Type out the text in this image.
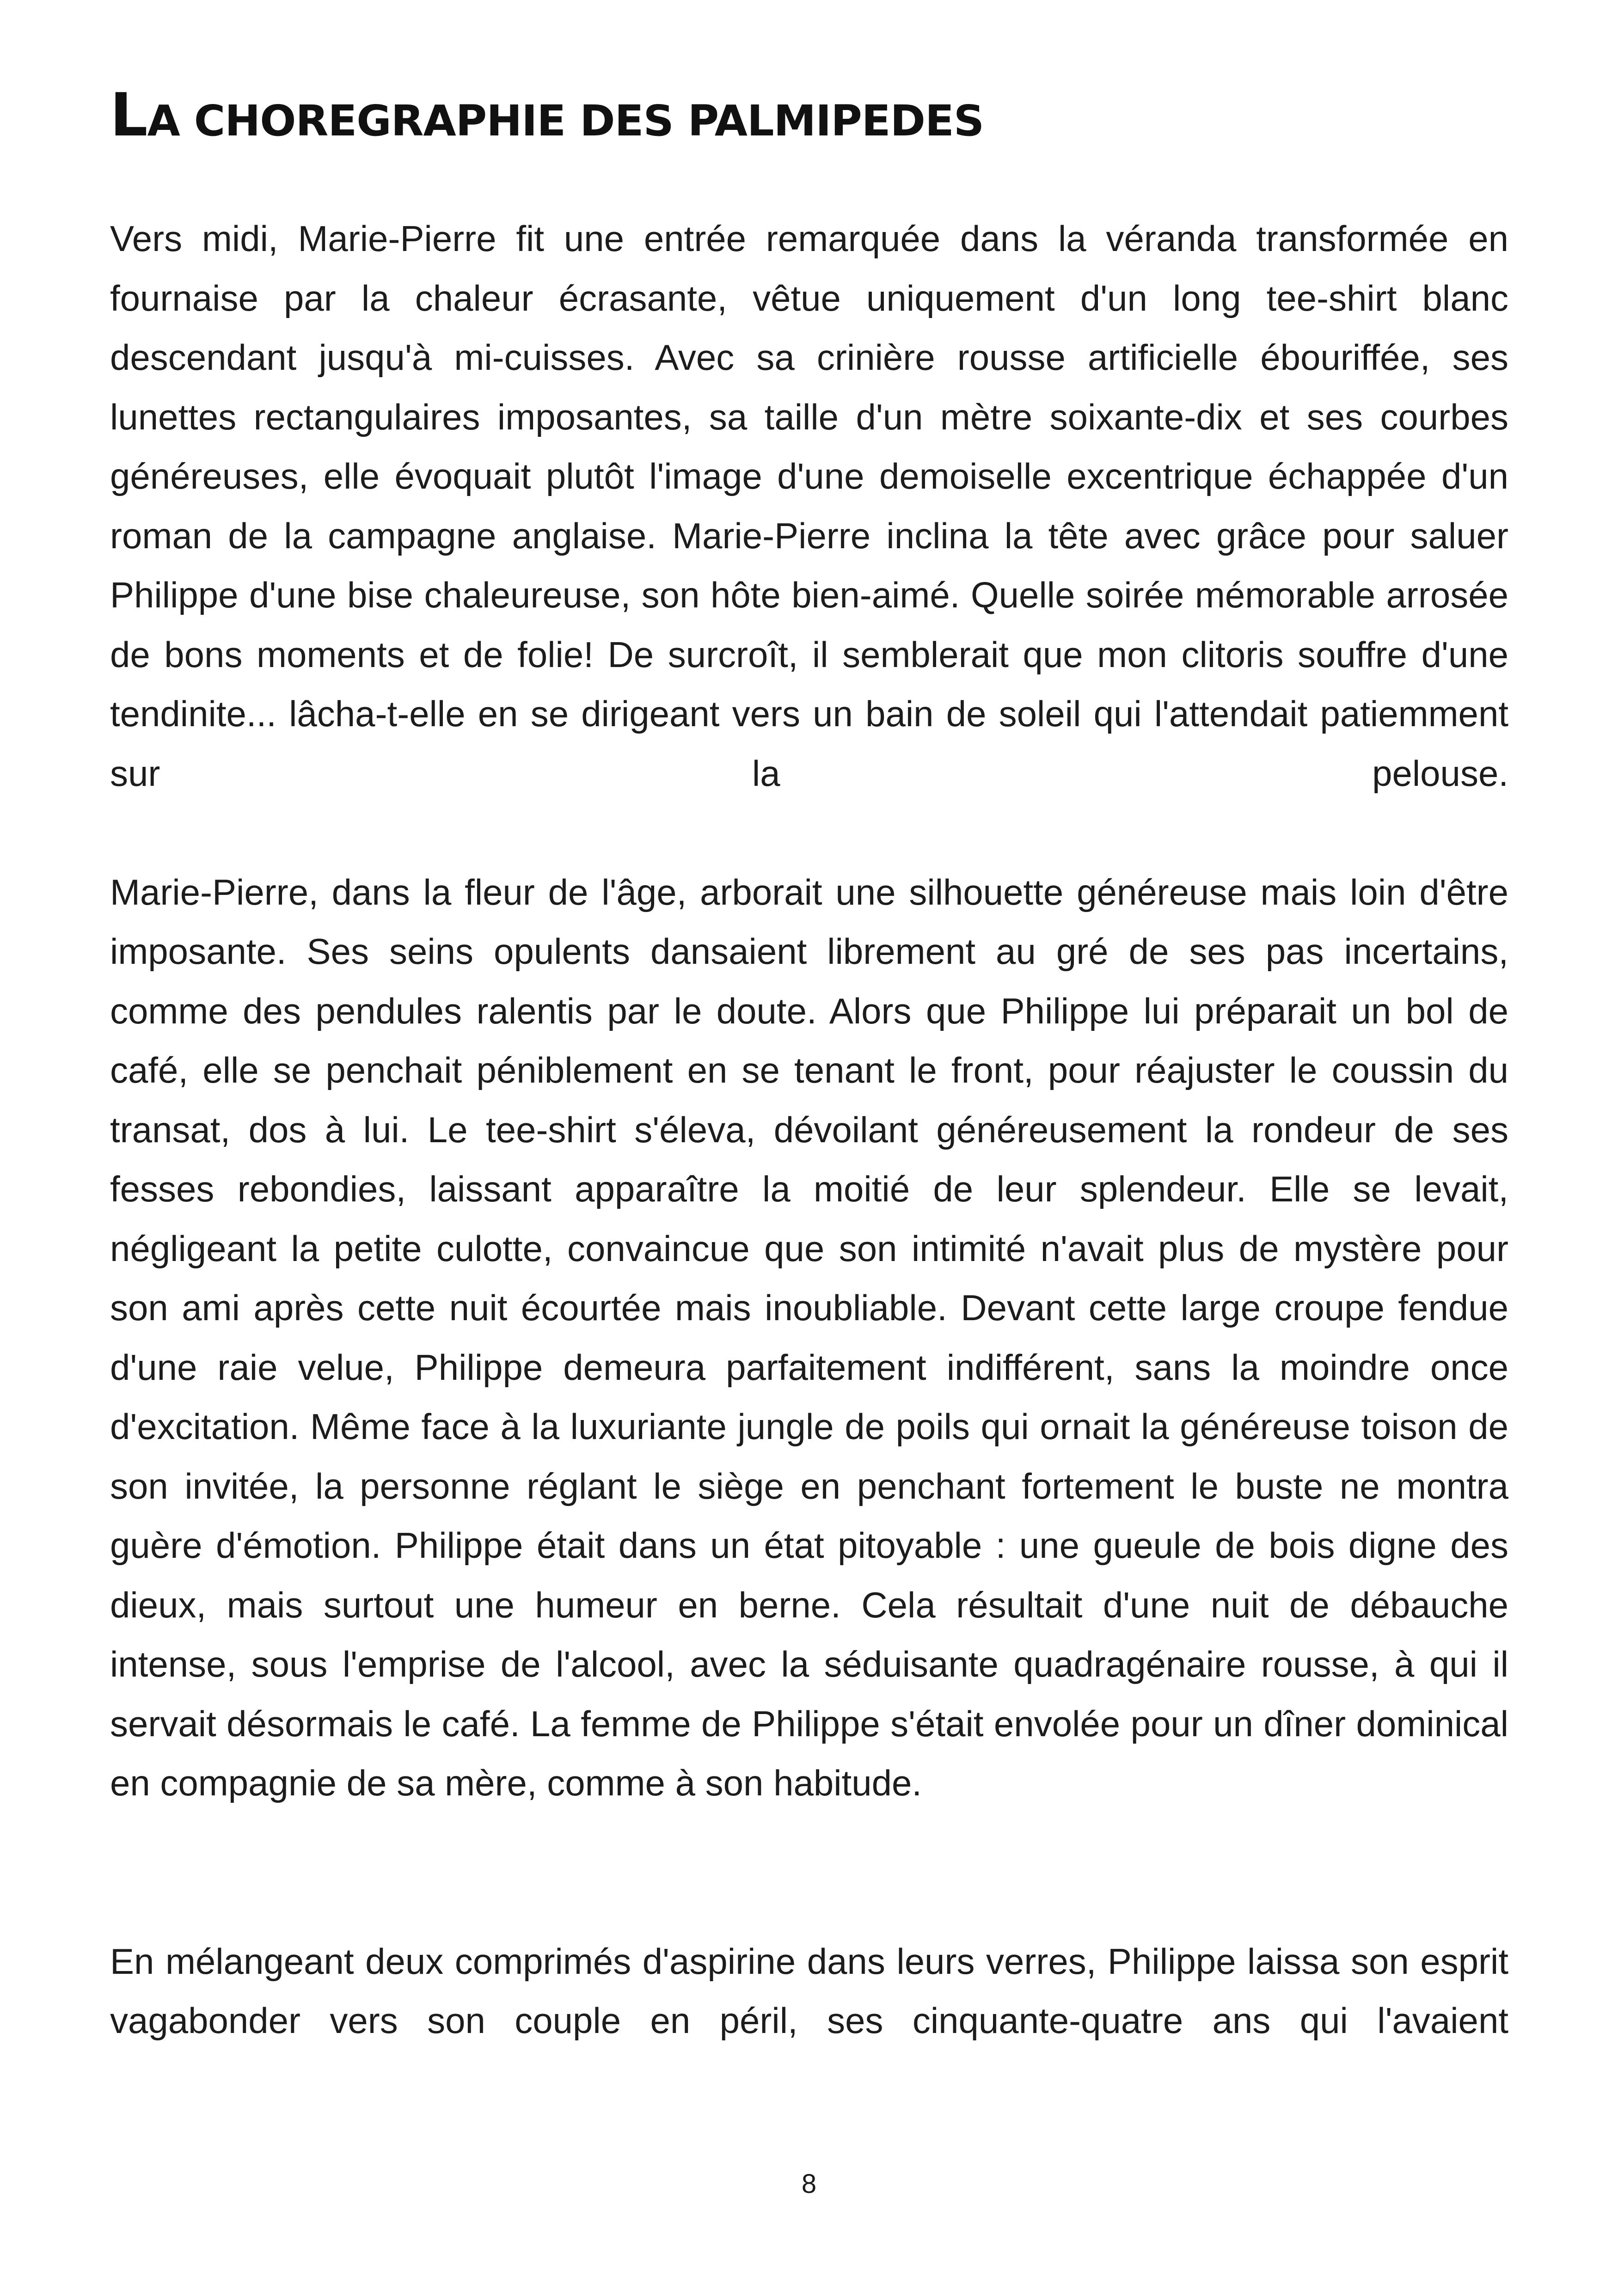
LA CHOREGRAPHIE DES PALMIPEDES

Vers midi, Marie-Pierre fit une entrée remarquée dans la véranda transformée en fournaise par la chaleur écrasante, vêtue uniquement d'un long tee-shirt blanc descendant jusqu'à mi-cuisses. Avec sa crinière rousse artificielle ébouriffée, ses lunettes rectangulaires imposantes, sa taille d'un mètre soixante-dix et ses courbes généreuses, elle évoquait plutôt l'image d'une demoiselle excentrique échappée d'un roman de la campagne anglaise. Marie-Pierre inclina la tête avec grâce pour saluer Philippe d'une bise chaleureuse, son hôte bien-aimé. Quelle soirée mémorable arrosée de bons moments et de folie! De surcroît, il semblerait que mon clitoris souffre d'une tendinite... lâcha-t-elle en se dirigeant vers un bain de soleil qui l'attendait patiemment sur la pelouse.

Marie-Pierre, dans la fleur de l'âge, arborait une silhouette généreuse mais loin d'être imposante. Ses seins opulents dansaient librement au gré de ses pas incertains, comme des pendules ralentis par le doute. Alors que Philippe lui préparait un bol de café, elle se penchait péniblement en se tenant le front, pour réajuster le coussin du transat, dos à lui. Le tee-shirt s'éleva, dévoilant généreusement la rondeur de ses fesses rebondies, laissant apparaître la moitié de leur splendeur. Elle se levait, négligeant la petite culotte, convaincue que son intimité n'avait plus de mystère pour son ami après cette nuit écourtée mais inoubliable. Devant cette large croupe fendue d'une raie velue, Philippe demeura parfaitement indifférent, sans la moindre once d'excitation. Même face à la luxuriante jungle de poils qui ornait la généreuse toison de son invitée, la personne réglant le siège en penchant fortement le buste ne montra guère d'émotion. Philippe était dans un état pitoyable : une gueule de bois digne des dieux, mais surtout une humeur en berne. Cela résultait d'une nuit de débauche intense, sous l'emprise de l'alcool, avec la séduisante quadragénaire rousse, à qui il servait désormais le café. La femme de Philippe s'était envolée pour un dîner dominical en compagnie de sa mère, comme à son habitude.

En mélangeant deux comprimés d'aspirine dans leurs verres, Philippe laissa son esprit vagabonder vers son couple en péril, ses cinquante-quatre ans qui l'avaient

8
